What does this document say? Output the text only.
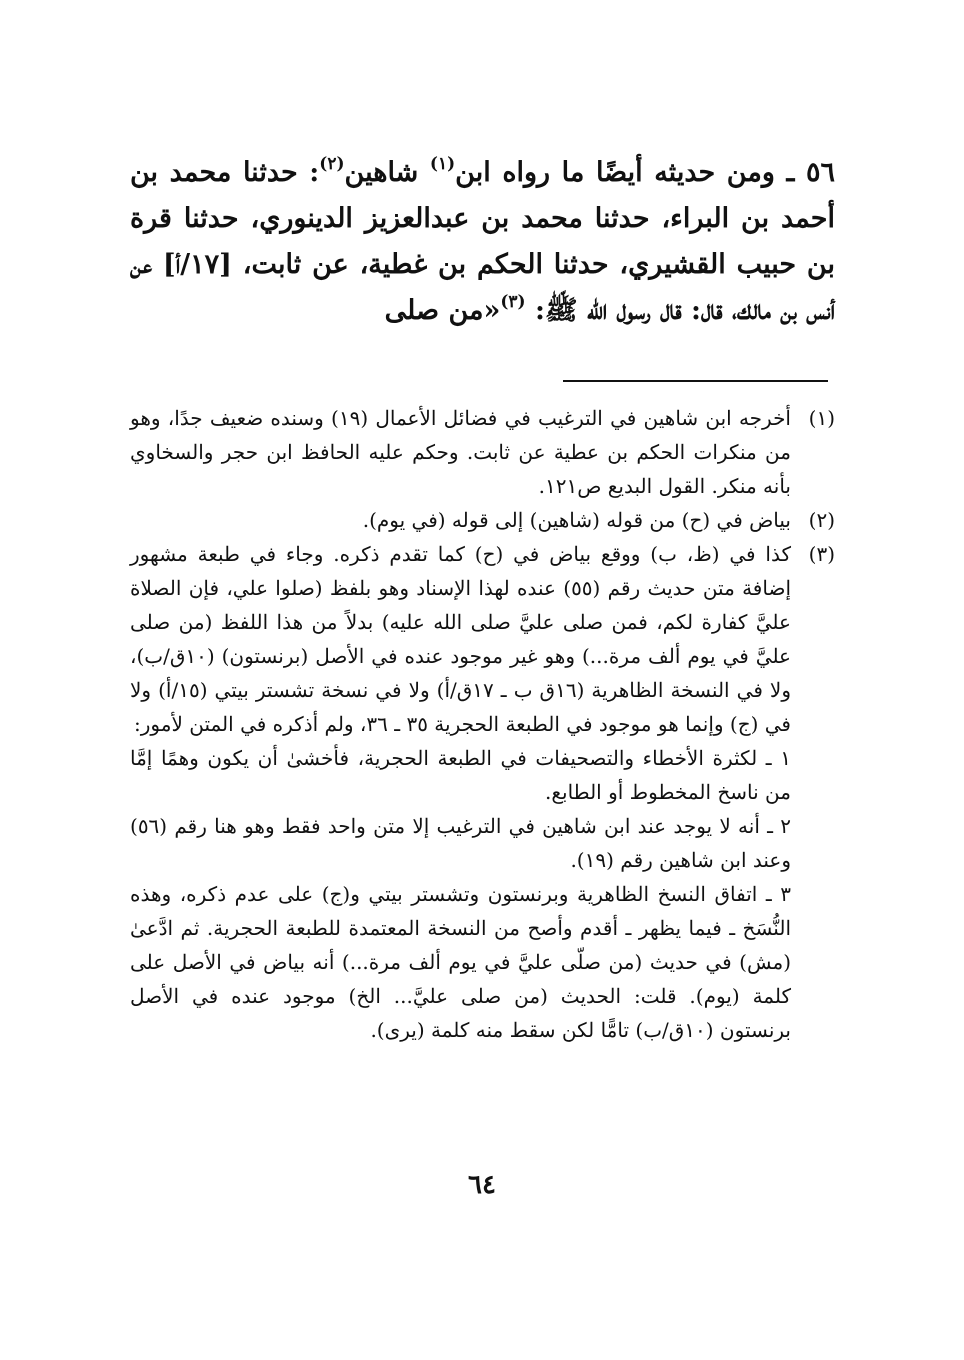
٥٦ ـ ومن حديثه أيضًا ما رواه ابن$^{(١)}$ شاهين$^{(٢)}$: حدثنا محمد بن أحمد بن البراء، حدثنا محمد بن عبدالعزيز الدينوري، حدثنا قرة بن حبيب القشيري، حدثنا الحكم بن غطية، عن ثابت، [١٧/أ] عن أنس بن مالك، قال: قال رسول الله ﷺ: $^{(٣)}$«من صلى

(١)
أخرجه ابن شاهين في الترغيب في فضائل الأعمال (١٩) وسنده ضعيف جدًا، وهو من منكرات الحكم بن عطية عن ثابت. وحكم عليه الحافظ ابن حجر والسخاوي بأنه منكر. القول البديع ص١٢١.
(٢)
بياض في (ح) من قوله (شاهين) إلى قوله (في يوم).
(٣)
كذا في (ظ، ب) ووقع بياض في (ح) كما تقدم ذكره. وجاء في طبعة مشهور إضافة متن حديث رقم (٥٥) عنده لهذا الإسناد وهو بلفظ (صلوا علي، فإن الصلاة عليَّ كفارة لكم، فمن صلى عليَّ صلى الله عليه) بدلاً من هذا اللفظ (من صلى عليَّ في يوم ألف مرة...) وهو غير موجود عنده في الأصل (برنستون) (١٠ق/ب)، ولا في النسخة الظاهرية (١٦ق ب ـ ١٧ق/أ) ولا في نسخة تشستر بيتي (١٥/أ) ولا في (ج) وإنما هو موجود في الطبعة الحجرية ٣٥ ـ ٣٦، ولم أذكره في المتن لأمور:

١ ـ لكثرة الأخطاء والتصحيفات في الطبعة الحجرية، فأخشىٰ أن يكون وهمًا إمَّا من ناسخ المخطوط أو الطابع.

٢ ـ أنه لا يوجد عند ابن شاهين في الترغيب إلا متن واحد فقط وهو هنا رقم (٥٦) وعند ابن شاهين رقم (١٩).

٣ ـ اتفاق النسخ الظاهرية وبرنستون وتشستر بيتي و(ج) على عدم ذكره، وهذه النُّسَخ ـ فيما يظهر ـ أقدم وأصح من النسخة المعتمدة للطبعة الحجرية. ثم ادَّعىٰ (مش) في حديث (من صلّى عليَّ في يوم ألف مرة...) أنه بياض في الأصل على كلمة (يوم). قلت: الحديث (من صلى عليَّ... الخ) موجود عنده في الأصل برنستون (١٠ق/ب) تامًّا لكن سقط منه كلمة (يرى).

٦٤
